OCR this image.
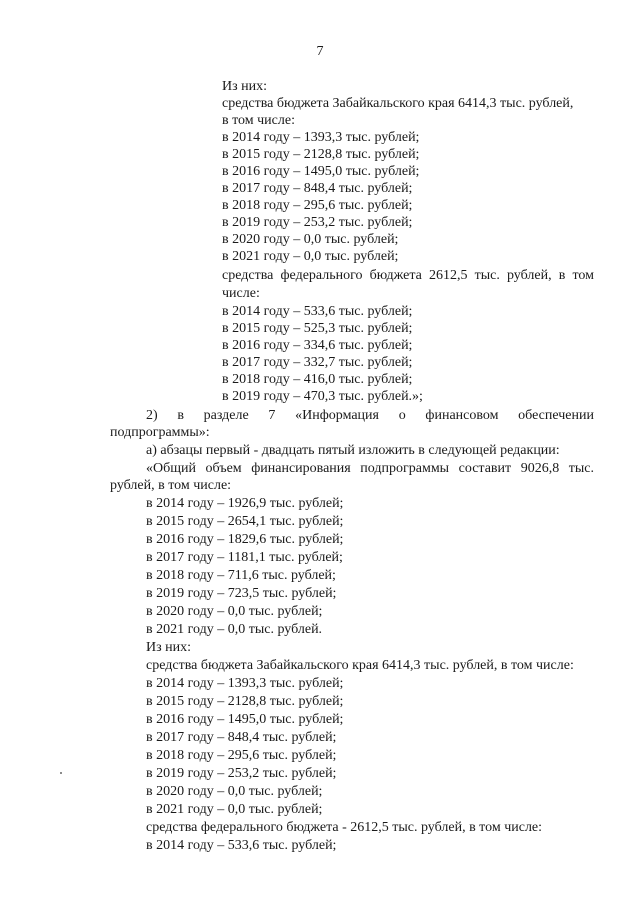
7
Из них:
средства бюджета Забайкальского края 6414,3 тыс. рублей,
в том числе:
в 2014 году – 1393,3 тыс. рублей;
в 2015 году – 2128,8 тыс. рублей;
в 2016 году – 1495,0 тыс. рублей;
в 2017 году – 848,4 тыс. рублей;
в 2018 году – 295,6 тыс. рублей;
в 2019 году – 253,2 тыс. рублей;
в 2020 году – 0,0 тыс. рублей;
в 2021 году – 0,0 тыс. рублей;
средства федерального бюджета 2612,5 тыс. рублей, в том
числе:
в 2014 году – 533,6 тыс. рублей;
в 2015 году – 525,3 тыс. рублей;
в 2016 году – 334,6 тыс. рублей;
в 2017 году – 332,7 тыс. рублей;
в 2018 году – 416,0 тыс. рублей;
в 2019 году – 470,3 тыс. рублей.»;
2) в разделе 7 «Информация о финансовом обеспечении
подпрограммы»:
а) абзацы первый - двадцать пятый изложить в следующей редакции:
«Общий объем финансирования подпрограммы составит 9026,8 тыс.
рублей, в том числе:
в 2014 году – 1926,9 тыс. рублей;
в 2015 году – 2654,1 тыс. рублей;
в 2016 году – 1829,6 тыс. рублей;
в 2017 году – 1181,1 тыс. рублей;
в 2018 году – 711,6 тыс. рублей;
в 2019 году – 723,5 тыс. рублей;
в 2020 году – 0,0 тыс. рублей;
в 2021 году – 0,0 тыс. рублей.
Из них:
средства бюджета Забайкальского края 6414,3 тыс. рублей, в том числе:
в 2014 году – 1393,3 тыс. рублей;
в 2015 году – 2128,8 тыс. рублей;
в 2016 году – 1495,0 тыс. рублей;
в 2017 году – 848,4 тыс. рублей;
в 2018 году – 295,6 тыс. рублей;
в 2019 году – 253,2 тыс. рублей;
в 2020 году – 0,0 тыс. рублей;
в 2021 году – 0,0 тыс. рублей;
средства федерального бюджета - 2612,5 тыс. рублей, в том числе:
в 2014 году – 533,6 тыс. рублей;
